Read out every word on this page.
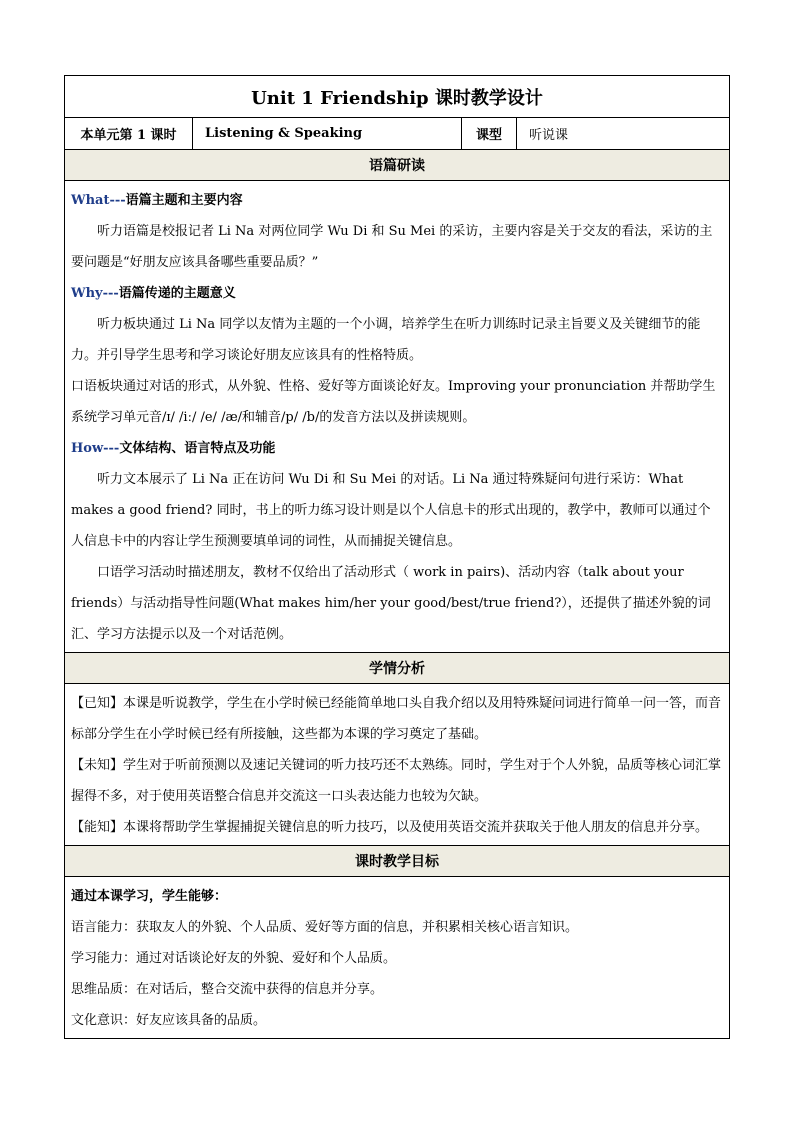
Unit 1 Friendship 课时教学设计
本单元第 1 课时	Listening & Speaking	课型	听说课
语篇研读

What---语篇主题和主要内容

听力语篇是校报记者 Li Na 对两位同学 Wu Di 和 Su Mei 的采访，主要内容是关于交友的看法，采访的主要问题是“好朋友应该具备哪些重要品质？”

Why---语篇传递的主题意义

听力板块通过 Li Na 同学以友情为主题的一个小调，培养学生在听力训练时记录主旨要义及关键细节的能力。并引导学生思考和学习谈论好朋友应该具有的性格特质。

口语板块通过对话的形式，从外貌、性格、爱好等方面谈论好友。Improving your pronunciation 并帮助学生系统学习单元音/ɪ/ /iː/ /e/ /æ/和辅音/p/ /b/的发音方法以及拼读规则。

How---文体结构、语言特点及功能

听力文本展示了 Li Na 正在访问 Wu Di 和 Su Mei 的对话。Li Na 通过特殊疑问句进行采访：What makes a good friend? 同时，书上的听力练习设计则是以个人信息卡的形式出现的，教学中，教师可以通过个人信息卡中的内容让学生预测要填单词的词性，从而捕捉关键信息。

口语学习活动时描述朋友，教材不仅给出了活动形式（ work in pairs)、活动内容（talk about your friends）与活动指导性问题(What makes him/her your good/best/true friend?），还提供了描述外貌的词汇、学习方法提示以及一个对话范例。

学情分析

【已知】本课是听说教学，学生在小学时候已经能简单地口头自我介绍以及用特殊疑问词进行简单一问一答，而音标部分学生在小学时候已经有所接触，这些都为本课的学习奠定了基础。

【未知】学生对于听前预测以及速记关键词的听力技巧还不太熟练。同时，学生对于个人外貌，品质等核心词汇掌握得不多，对于使用英语整合信息并交流这一口头表达能力也较为欠缺。

【能知】本课将帮助学生掌握捕捉关键信息的听力技巧，以及使用英语交流并获取关于他人朋友的信息并分享。

课时教学目标

通过本课学习，学生能够：

语言能力：获取友人的外貌、个人品质、爱好等方面的信息，并积累相关核心语言知识。

学习能力：通过对话谈论好友的外貌、爱好和个人品质。

思维品质：在对话后，整合交流中获得的信息并分享。

文化意识：好友应该具备的品质。
